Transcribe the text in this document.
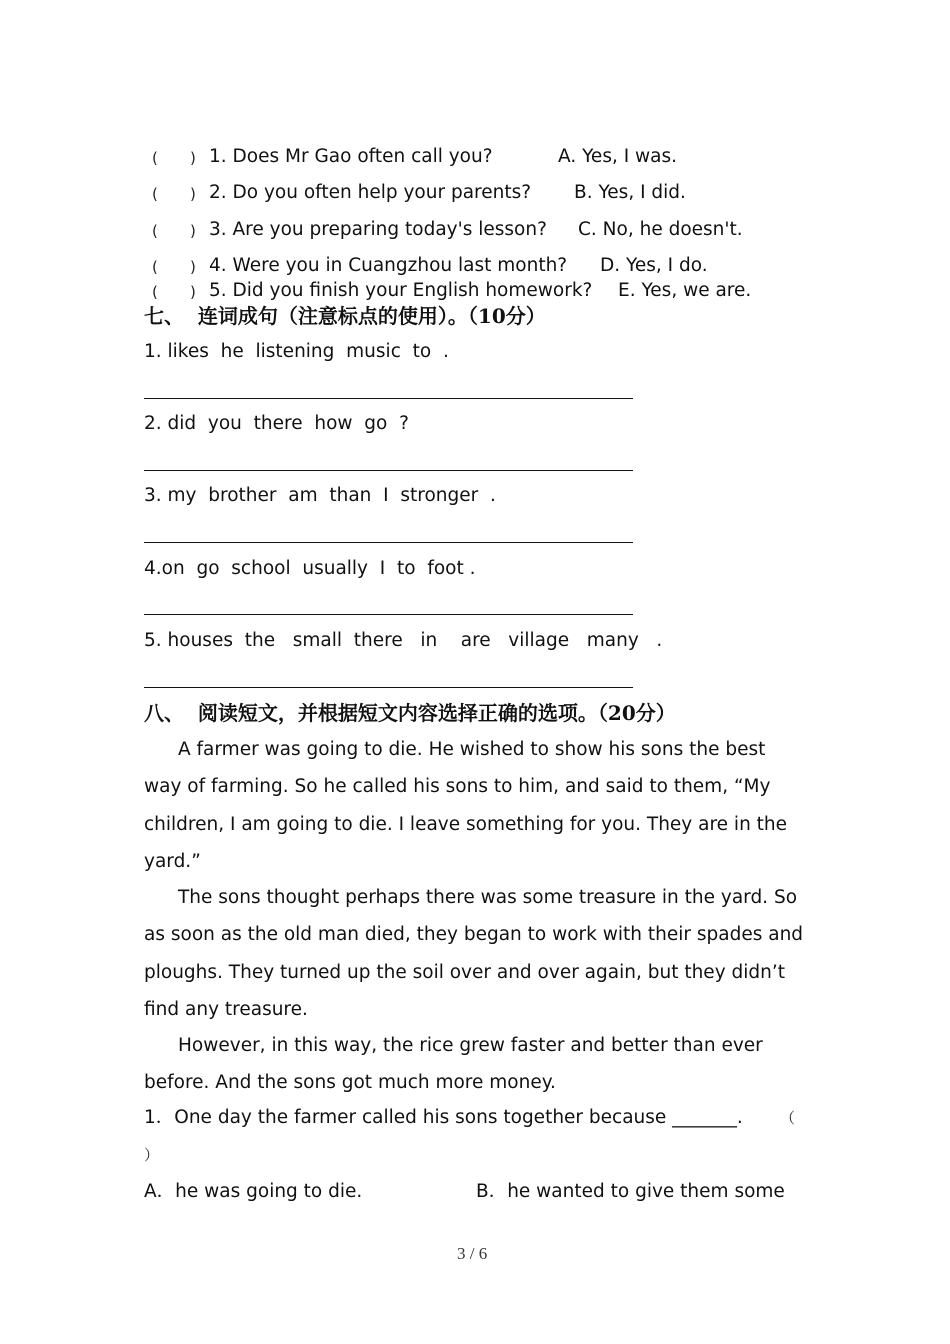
( ) 1. Does Mr Gao often call you?	A. Yes, I was.
( ) 2. Do you often help your parents? B. Yes, I did.
( ) 3. Are you preparing today's lesson? C. No, he doesn't.
( ) 4. Were you in Cuangzhou last month? D. Yes, I do.
( ) 5. Did you finish your English homework? E. Yes, we are.
七、  连词成句（注意标点的使用）。（10分）
1. likes  he  listening  music  to  .
2. did  you  there  how  go  ?
3. my  brother  am  than  I  stronger  .
4.on  go  school  usually  I  to  foot .
5. houses  the   small  there   in    are   village   many   .
八、  阅读短文，并根据短文内容选择正确的选项。（20分）
A farmer was going to die. He wished to show his sons the best way of farming. So he called his sons to him, and said to them, “My children, I am going to die. I leave something for you. They are in the yard.”
The sons thought perhaps there was some treasure in the yard. So as soon as the old man died, they began to work with their spades and ploughs. They turned up the soil over and over again, but they didn’t find any treasure.
However, in this way, the rice grew faster and better than ever before. And the sons got much more money.
1．One day the farmer called his sons together because _______. （
）
A．he was going to die.	B．he wanted to give them some
3 / 6
